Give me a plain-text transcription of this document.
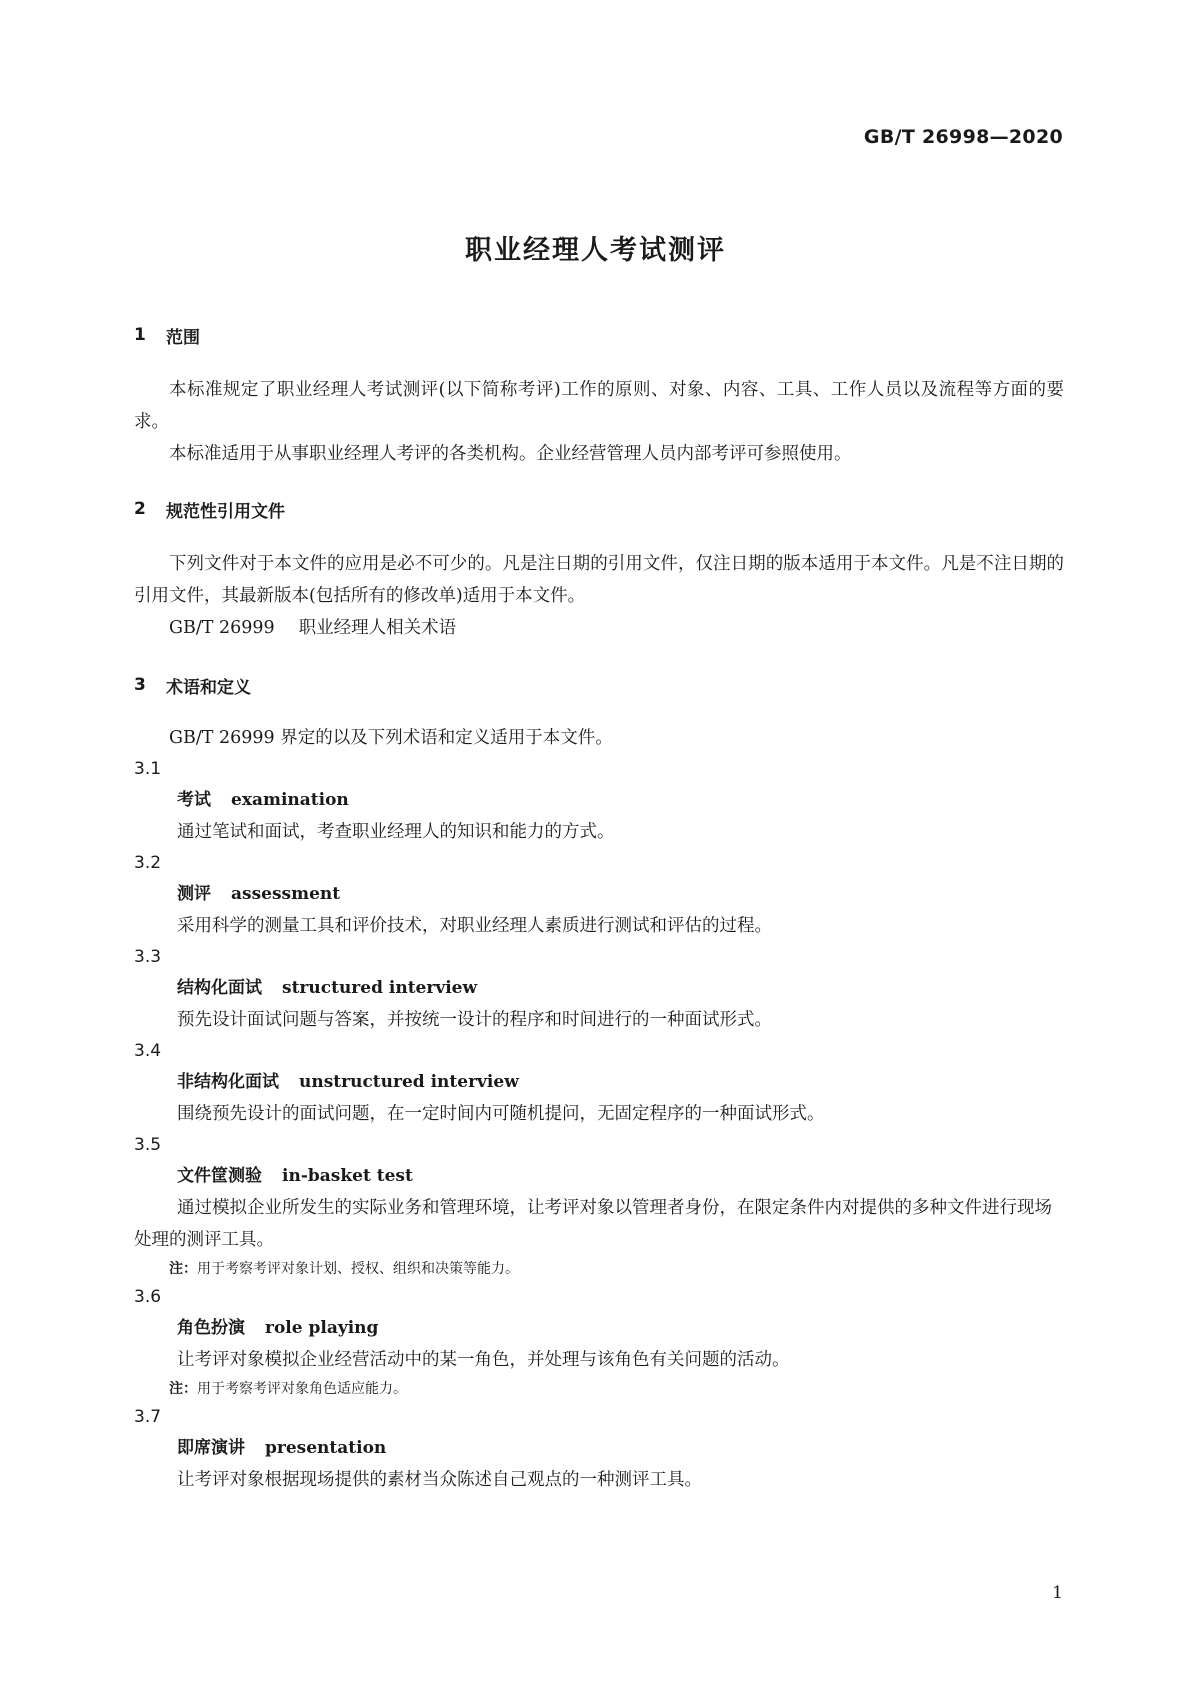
GB/T 26998—2020
职业经理人考试测评
1	范围
本标准规定了职业经理人考试测评(以下简称考评)工作的原则、对象、内容、工具、工作人员以及流程等方面的要求。
本标准适用于从事职业经理人考评的各类机构。企业经营管理人员内部考评可参照使用。
2	规范性引用文件
下列文件对于本文件的应用是必不可少的。凡是注日期的引用文件，仅注日期的版本适用于本文件。凡是不注日期的引用文件，其最新版本(包括所有的修改单)适用于本文件。
GB/T 26999 职业经理人相关术语
3	术语和定义
GB/T 26999 界定的以及下列术语和定义适用于本文件。
3.1
考试 examination
通过笔试和面试，考查职业经理人的知识和能力的方式。
3.2
测评 assessment
采用科学的测量工具和评价技术，对职业经理人素质进行测试和评估的过程。
3.3
结构化面试 structured interview
预先设计面试问题与答案，并按统一设计的程序和时间进行的一种面试形式。
3.4
非结构化面试 unstructured interview
围绕预先设计的面试问题，在一定时间内可随机提问，无固定程序的一种面试形式。
3.5
文件筐测验 in-basket test
通过模拟企业所发生的实际业务和管理环境，让考评对象以管理者身份，在限定条件内对提供的多种文件进行现场处理的测评工具。
注：用于考察考评对象计划、授权、组织和决策等能力。
3.6
角色扮演 role playing
让考评对象模拟企业经营活动中的某一角色，并处理与该角色有关问题的活动。
注：用于考察考评对象角色适应能力。
3.7
即席演讲 presentation
让考评对象根据现场提供的素材当众陈述自己观点的一种测评工具。
1
